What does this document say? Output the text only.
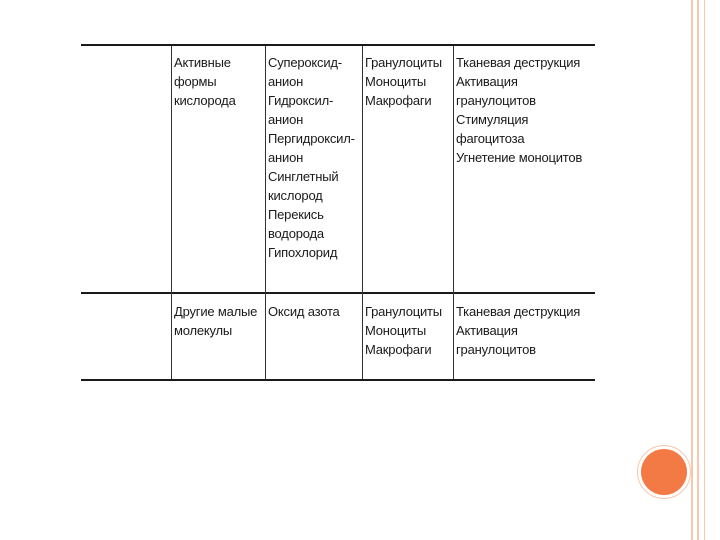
Активные формы
кислорода
Супероксид-анион
Гидроксил-анион
Пергидроксил-
анион
Синглетный
кислород
Перекись
водорода
Гипохлорид
Гранулоциты
Моноциты
Макрофаги
Тканевая деструкция
Активация гранулоцитов
Стимуляция фагоцитоза
Угнетение моноцитов
Другие малые
молекулы
Оксид азота	Гранулоциты
Моноциты
Макрофаги
Тканевая деструкция
Активация гранулоцитов
